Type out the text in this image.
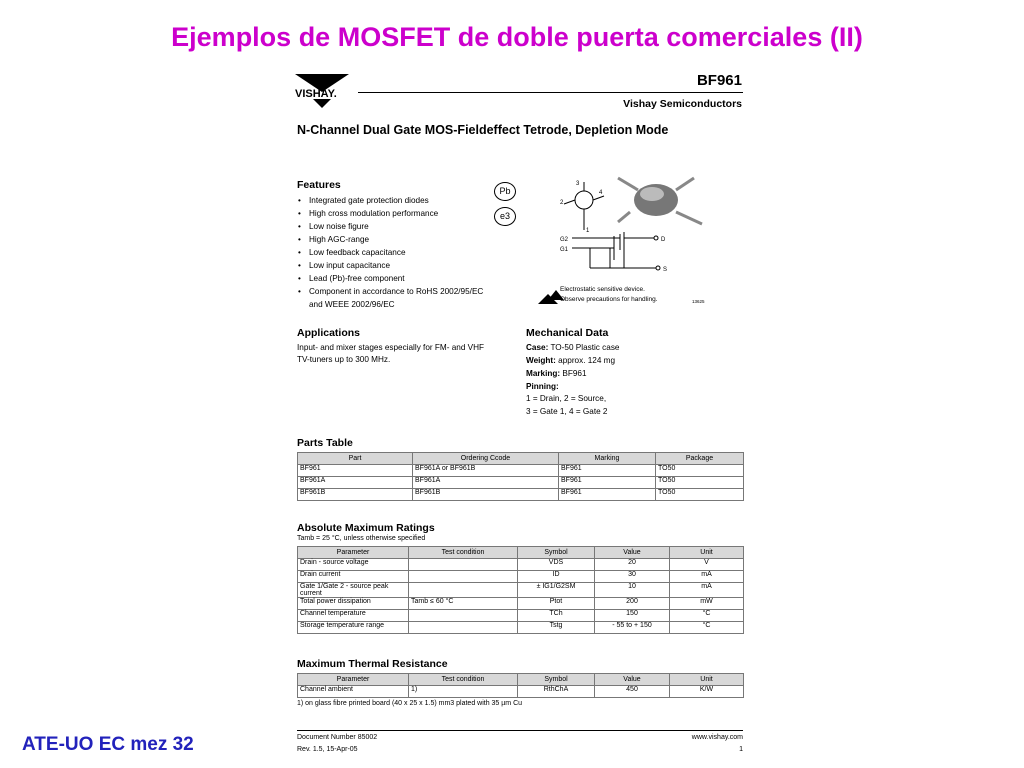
Ejemplos de MOSFET de doble puerta comerciales (II)
VISHAY.
BF961
Vishay Semiconductors
N-Channel Dual Gate MOS-Fieldeffect Tetrode, Depletion Mode
Features
• Integrated gate protection diodes
• High cross modulation performance
• Low noise figure
• High AGC-range
• Low feedback capacitance
• Low input capacitance
• Lead (Pb)-free component
• Component in accordance to RoHS 2002/95/EC
and WEEE 2002/96/EC
Pb
e3
3
4
2
1
G2
G1
D
S
Electrostatic sensitive device.
Observe precautions for handling.	13625
Applications
Input- and mixer stages especially for FM- and VHF
TV-tuners up to 300 MHz.
Mechanical Data
Case: TO-50 Plastic case
Weight: approx. 124 mg
Marking: BF961
Pinning:
1 = Drain, 2 = Source,
3 = Gate 1, 4 = Gate 2
Parts Table
Part	Ordering Ccode	Marking	Package
BF961	BF961A or BF961B	BF961	TO50
BF961A	BF961A	BF961	TO50
BF961B	BF961B	BF961	TO50
Absolute Maximum Ratings
Tamb = 25 °C, unless otherwise specified
Parameter	Test condition	Symbol	Value	Unit
Drain - source voltage		VDS	20	V
Drain current		ID	30	mA
Gate 1/Gate 2 - source peak current		± IG1/G2SM	10	mA
Total power dissipation	Tamb ≤ 60 °C	Ptot	200	mW
Channel temperature		TCh	150	°C
Storage temperature range		Tstg	- 55 to + 150	°C
Maximum Thermal Resistance
Parameter	Test condition	Symbol	Value	Unit
Channel ambient	1)	RthChA	450	K/W
1) on glass fibre printed board (40 x 25 x 1.5) mm3 plated with 35 µm Cu
Document Number 85002
Rev. 1.5, 15-Apr-05
www.vishay.com
1
ATE-UO EC mez 32
